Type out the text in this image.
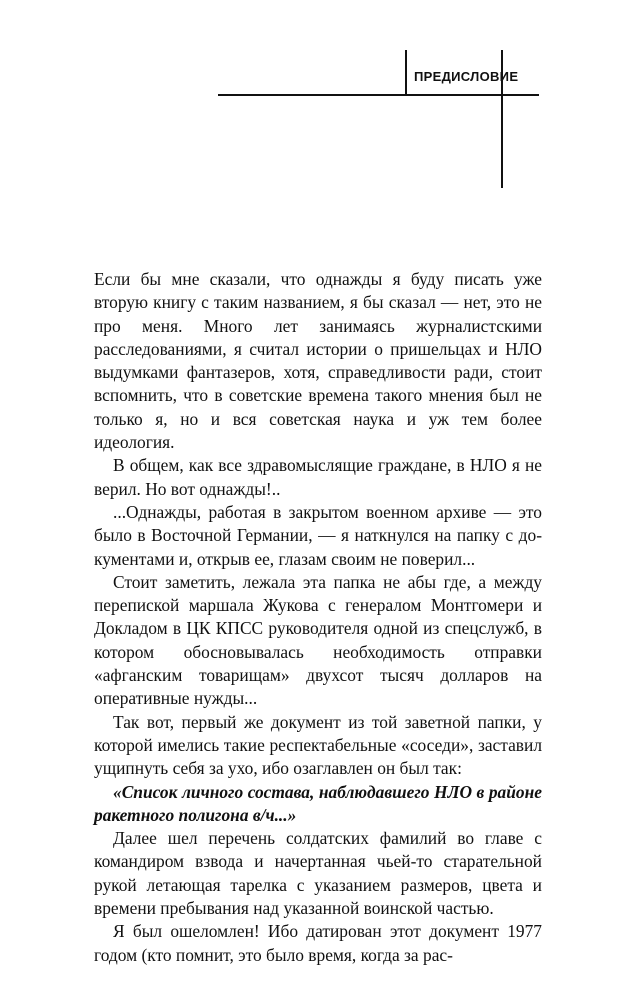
ПРЕДИСЛОВИЕ

Если бы мне сказали, что однажды я буду писать уже вторую книгу с таким названием, я бы сказал — нет, это не про меня. Много лет занимаясь журналистскими расследованиями, я считал истории о пришельцах и НЛО выдумками фантазеров, хотя, справедливости ради, стоит вспомнить, что в советские времена такого мнения был не только я, но и вся советская наука и уж тем более идеология.

В общем, как все здравомыслящие граждане, в НЛО я не верил. Но вот однажды!..

...Однажды, работая в закрытом военном архиве — это было в Восточной Германии, — я наткнулся на папку с документами и, открыв ее, глазам своим не поверил...

Стоит заметить, лежала эта папка не абы где, а между перепиской маршала Жукова с генералом Монтгомери и Докладом в ЦК КПСС руководителя одной из спецслужб, в котором обосновывалась необходимость отправки «афганским товарищам» двухсот тысяч долларов на оперативные нужды...

Так вот, первый же документ из той заветной папки, у которой имелись такие респектабельные «соседи», заставил ущипнуть себя за ухо, ибо озаглавлен он был так:

«Список личного состава, наблюдавшего НЛО в районе ракетного полигона в/ч...»

Далее шел перечень солдатских фамилий во главе с командиром взвода и начертанная чьей-то старательной рукой летающая тарелка с указанием размеров, цвета и времени пребывания над указанной воинской частью.

Я был ошеломлен! Ибо датирован этот документ 1977 годом (кто помнит, это было время, когда за рас-
